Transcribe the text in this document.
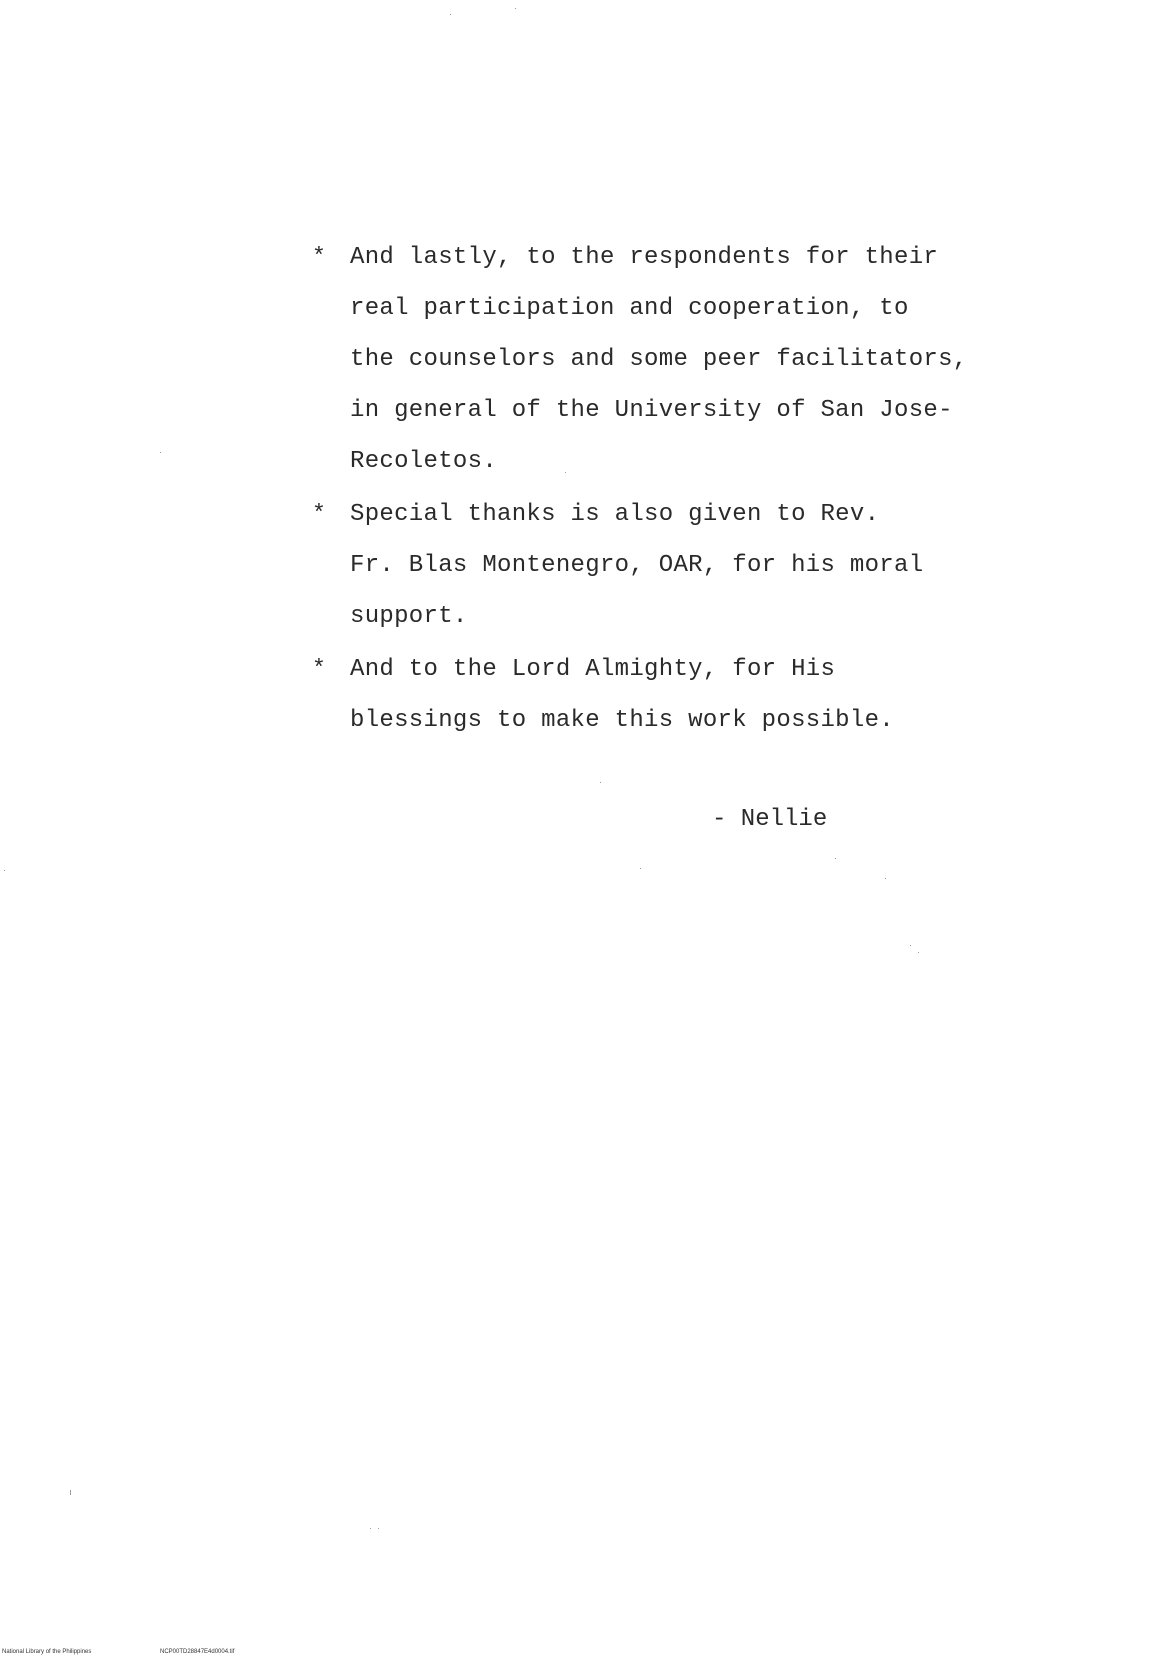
* And lastly, to the respondents for their
real participation and cooperation, to
the counselors and some peer facilitators,
in general of the University of San Jose-
Recoletos.
* Special thanks is also given to Rev.
Fr. Blas Montenegro, OAR, for his moral
support.
* And to the Lord Almighty, for His
blessings to make this work possible.
- Nellie
National Library of the Philippines	NCP00TD28847E4d0004.tif
